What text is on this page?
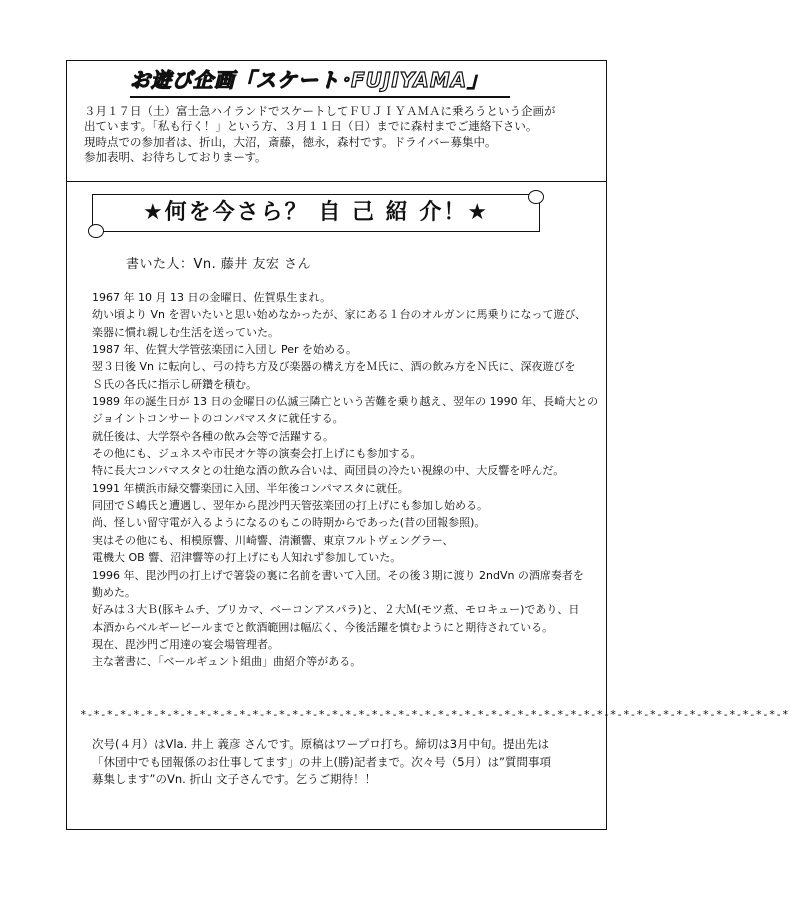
お遊び企画「スケート･FUJIYAMA」
３月１７日（土）富士急ハイランドでスケートしてＦＵＪＩＹＡＭＡに乗ろうという企画が
出ています。「私も行く！」という方、３月１１日（日）までに森村までご連絡下さい。
現時点での参加者は、折山，大沼，斎藤，徳永，森村です。ドライバー募集中。
参加表明、お待ちしておりまーす。
★何を今さら？ 自 己 紹 介！★
書いた人：Vn. 藤井 友宏 さん
1967 年 10 月 13 日の金曜日、佐賀県生まれ。
幼い頃より Vn を習いたいと思い始めなかったが、家にある１台のオルガンに馬乗りになって遊び、
楽器に慣れ親しむ生活を送っていた。
1987 年、佐賀大学管弦楽団に入団し Per を始める。
翌３日後 Vn に転向し、弓の持ち方及び楽器の構え方をＭ氏に、酒の飲み方をＮ氏に、深夜遊びを
Ｓ氏の各氏に指示し研鑽を積む。
1989 年の誕生日が 13 日の金曜日の仏滅三隣亡という苦難を乗り越え、翌年の 1990 年、長崎大との
ジョイントコンサートのコンパマスタに就任する。
就任後は、大学祭や各種の飲み会等で活躍する。
その他にも、ジュネスや市民オケ等の演奏会打上げにも参加する。
特に長大コンパマスタとの壮絶な酒の飲み合いは、両団員の冷たい視線の中、大反響を呼んだ。
1991 年横浜市緑交響楽団に入団、半年後コンパマスタに就任。
同団でＳ嶋氏と遭遇し、翌年から毘沙門天管弦楽団の打上げにも参加し始める。
尚、怪しい留守電が入るようになるのもこの時期からであった(昔の団報参照)。
実はその他にも、相模原響、川崎響、清瀬響、東京フルトヴェングラー、
電機大 OB 響、沼津響等の打上げにも人知れず参加していた。
1996 年、毘沙門の打上げで箸袋の裏に名前を書いて入団。その後３期に渡り 2ndVn の酒席奏者を
勤めた。
好みは３大Ｂ(豚キムチ、ブリカマ、ベーコンアスパラ)と、２大Ｍ(モツ煮、モロキュー)であり、日
本酒からベルギービールまでと飲酒範囲は幅広く、今後活躍を慎むようにと期待されている。
現在、毘沙門ご用達の宴会場管理者。
主な著書に、「ベールギュント組曲」曲紹介等がある。
*-*-*-*-*-*-*-*-*-*-*-*-*-*-*-*-*-*-*-*-*-*-*-*-*-*-*-*-*-*-*-*-*-*-*-*-*-*-*-*-*-*-*-*-*-*-*-*-*-*-*-*-*-*
次号(４月）はVla. 井上 義彦 さんです。原稿はワープロ打ち。締切は3月中旬。提出先は
「休団中でも団報係のお仕事してます」の井上(勝)記者まで。次々号（5月）は”質問事項
募集します”のVn. 折山 文子さんです。乞うご期待！！
